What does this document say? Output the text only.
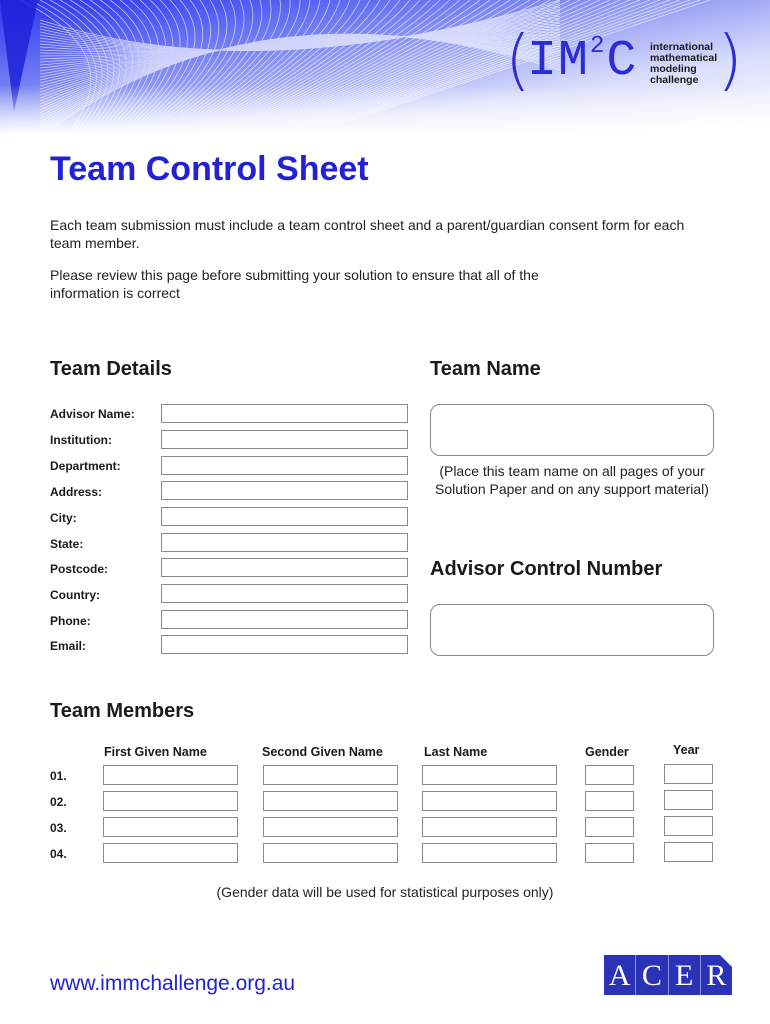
(
$IM^2C$ international
mathematical
modeling
challenge )
Team Control Sheet

Each team submission must include a team control sheet and a parent/guardian consent form for each team member.

Please review this page before submitting your solution to ensure that all of the information is correct

Team Details
Advisor Name:
Institution:
Department:
Address:
City:
State:
Postcode:
Country:
Phone:
Email:
Team Name
(Place this team name on all pages of your Solution Paper and on any support material)
Advisor Control Number
Team Members
First Given Name	Second Given Name	Last Name	Gender	Year
01.
02.
03.
04.
(Gender data will be used for statistical purposes only)
www.immchallenge.org.au	A C E R
